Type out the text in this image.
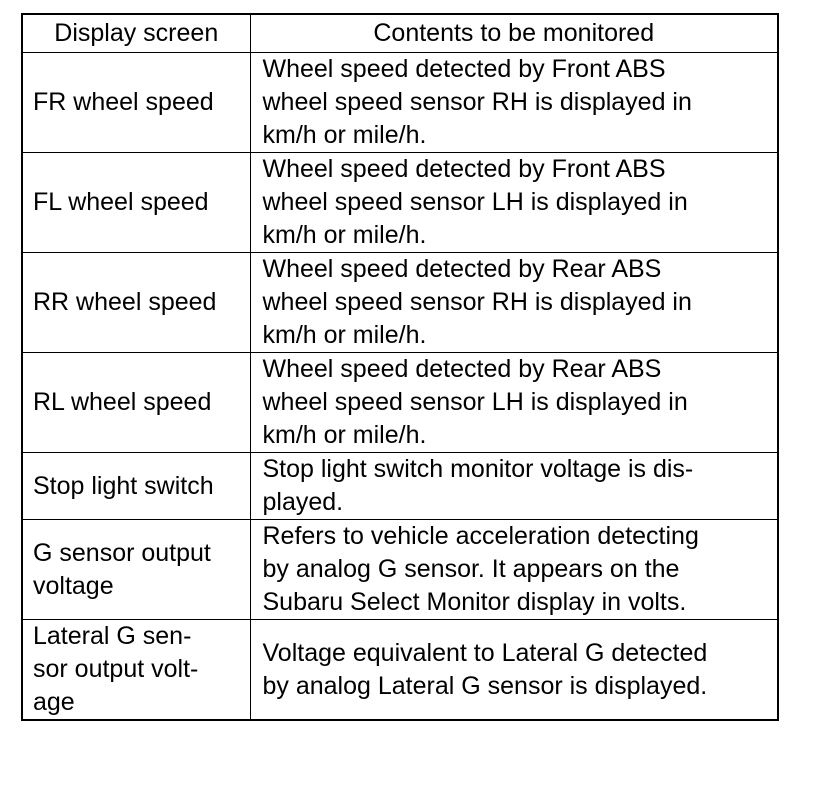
Display screen	Contents to be monitored

FR wheel speed	Wheel speed detected by Front ABS
wheel speed sensor RH is displayed in
km/h or mile/h.

FL wheel speed	Wheel speed detected by Front ABS
wheel speed sensor LH is displayed in
km/h or mile/h.

RR wheel speed	Wheel speed detected by Rear ABS
wheel speed sensor RH is displayed in
km/h or mile/h.

RL wheel speed	Wheel speed detected by Rear ABS
wheel speed sensor LH is displayed in
km/h or mile/h.

Stop light switch	Stop light switch monitor voltage is dis-
played.

G sensor output
voltage	Refers to vehicle acceleration detecting
by analog G sensor. It appears on the
Subaru Select Monitor display in volts.

Lateral G sen-
sor output volt-
age	Voltage equivalent to Lateral G detected
by analog Lateral G sensor is displayed.
